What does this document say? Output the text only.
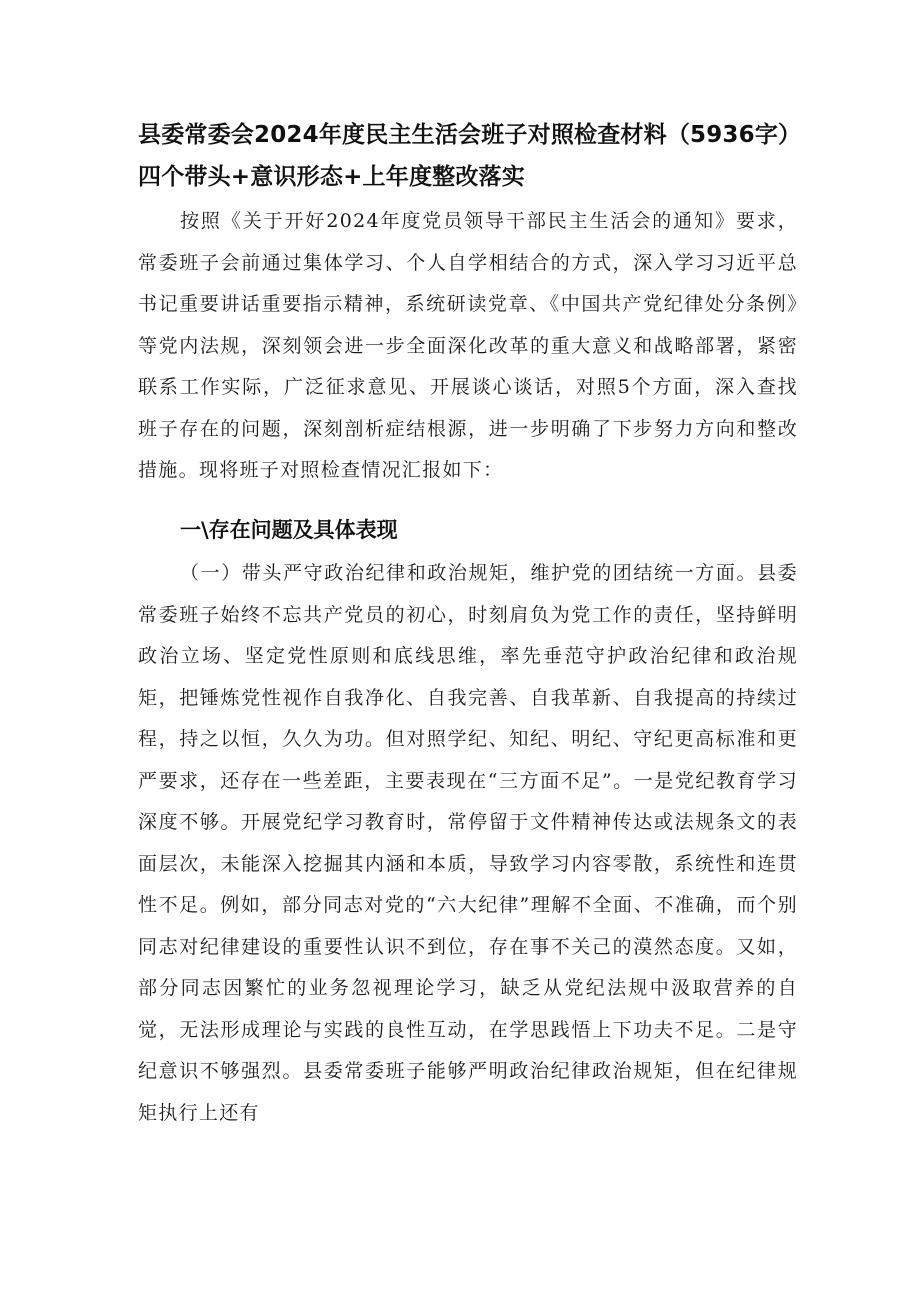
县委常委会2024年度民主生活会班子对照检查材料（5936字）四个带头+意识形态+上年度整改落实

按照《关于开好2024年度党员领导干部民主生活会的通知》要求，常委班子会前通过集体学习、个人自学相结合的方式，深入学习习近平总书记重要讲话重要指示精神，系统研读党章、《中国共产党纪律处分条例》等党内法规，深刻领会进一步全面深化改革的重大意义和战略部署，紧密联系工作实际，广泛征求意见、开展谈心谈话，对照5个方面，深入查找班子存在的问题，深刻剖析症结根源，进一步明确了下步努力方向和整改措施。现将班子对照检查情况汇报如下：

一\存在问题及具体表现

（一）带头严守政治纪律和政治规矩，维护党的团结统一方面。县委常委班子始终不忘共产党员的初心，时刻肩负为党工作的责任，坚持鲜明政治立场、坚定党性原则和底线思维，率先垂范守护政治纪律和政治规矩，把锤炼党性视作自我净化、自我完善、自我革新、自我提高的持续过程，持之以恒，久久为功。但对照学纪、知纪、明纪、守纪更高标准和更严要求，还存在一些差距，主要表现在“三方面不足”。一是党纪教育学习深度不够。开展党纪学习教育时，常停留于文件精神传达或法规条文的表面层次，未能深入挖掘其内涵和本质，导致学习内容零散，系统性和连贯性不足。例如，部分同志对党的“六大纪律”理解不全面、不准确，而个别同志对纪律建设的重要性认识不到位，存在事不关己的漠然态度。又如，部分同志因繁忙的业务忽视理论学习，缺乏从党纪法规中汲取营养的自觉，无法形成理论与实践的良性互动，在学思践悟上下功夫不足。二是守纪意识不够强烈。县委常委班子能够严明政治纪律政治规矩，但在纪律规矩执行上还有
